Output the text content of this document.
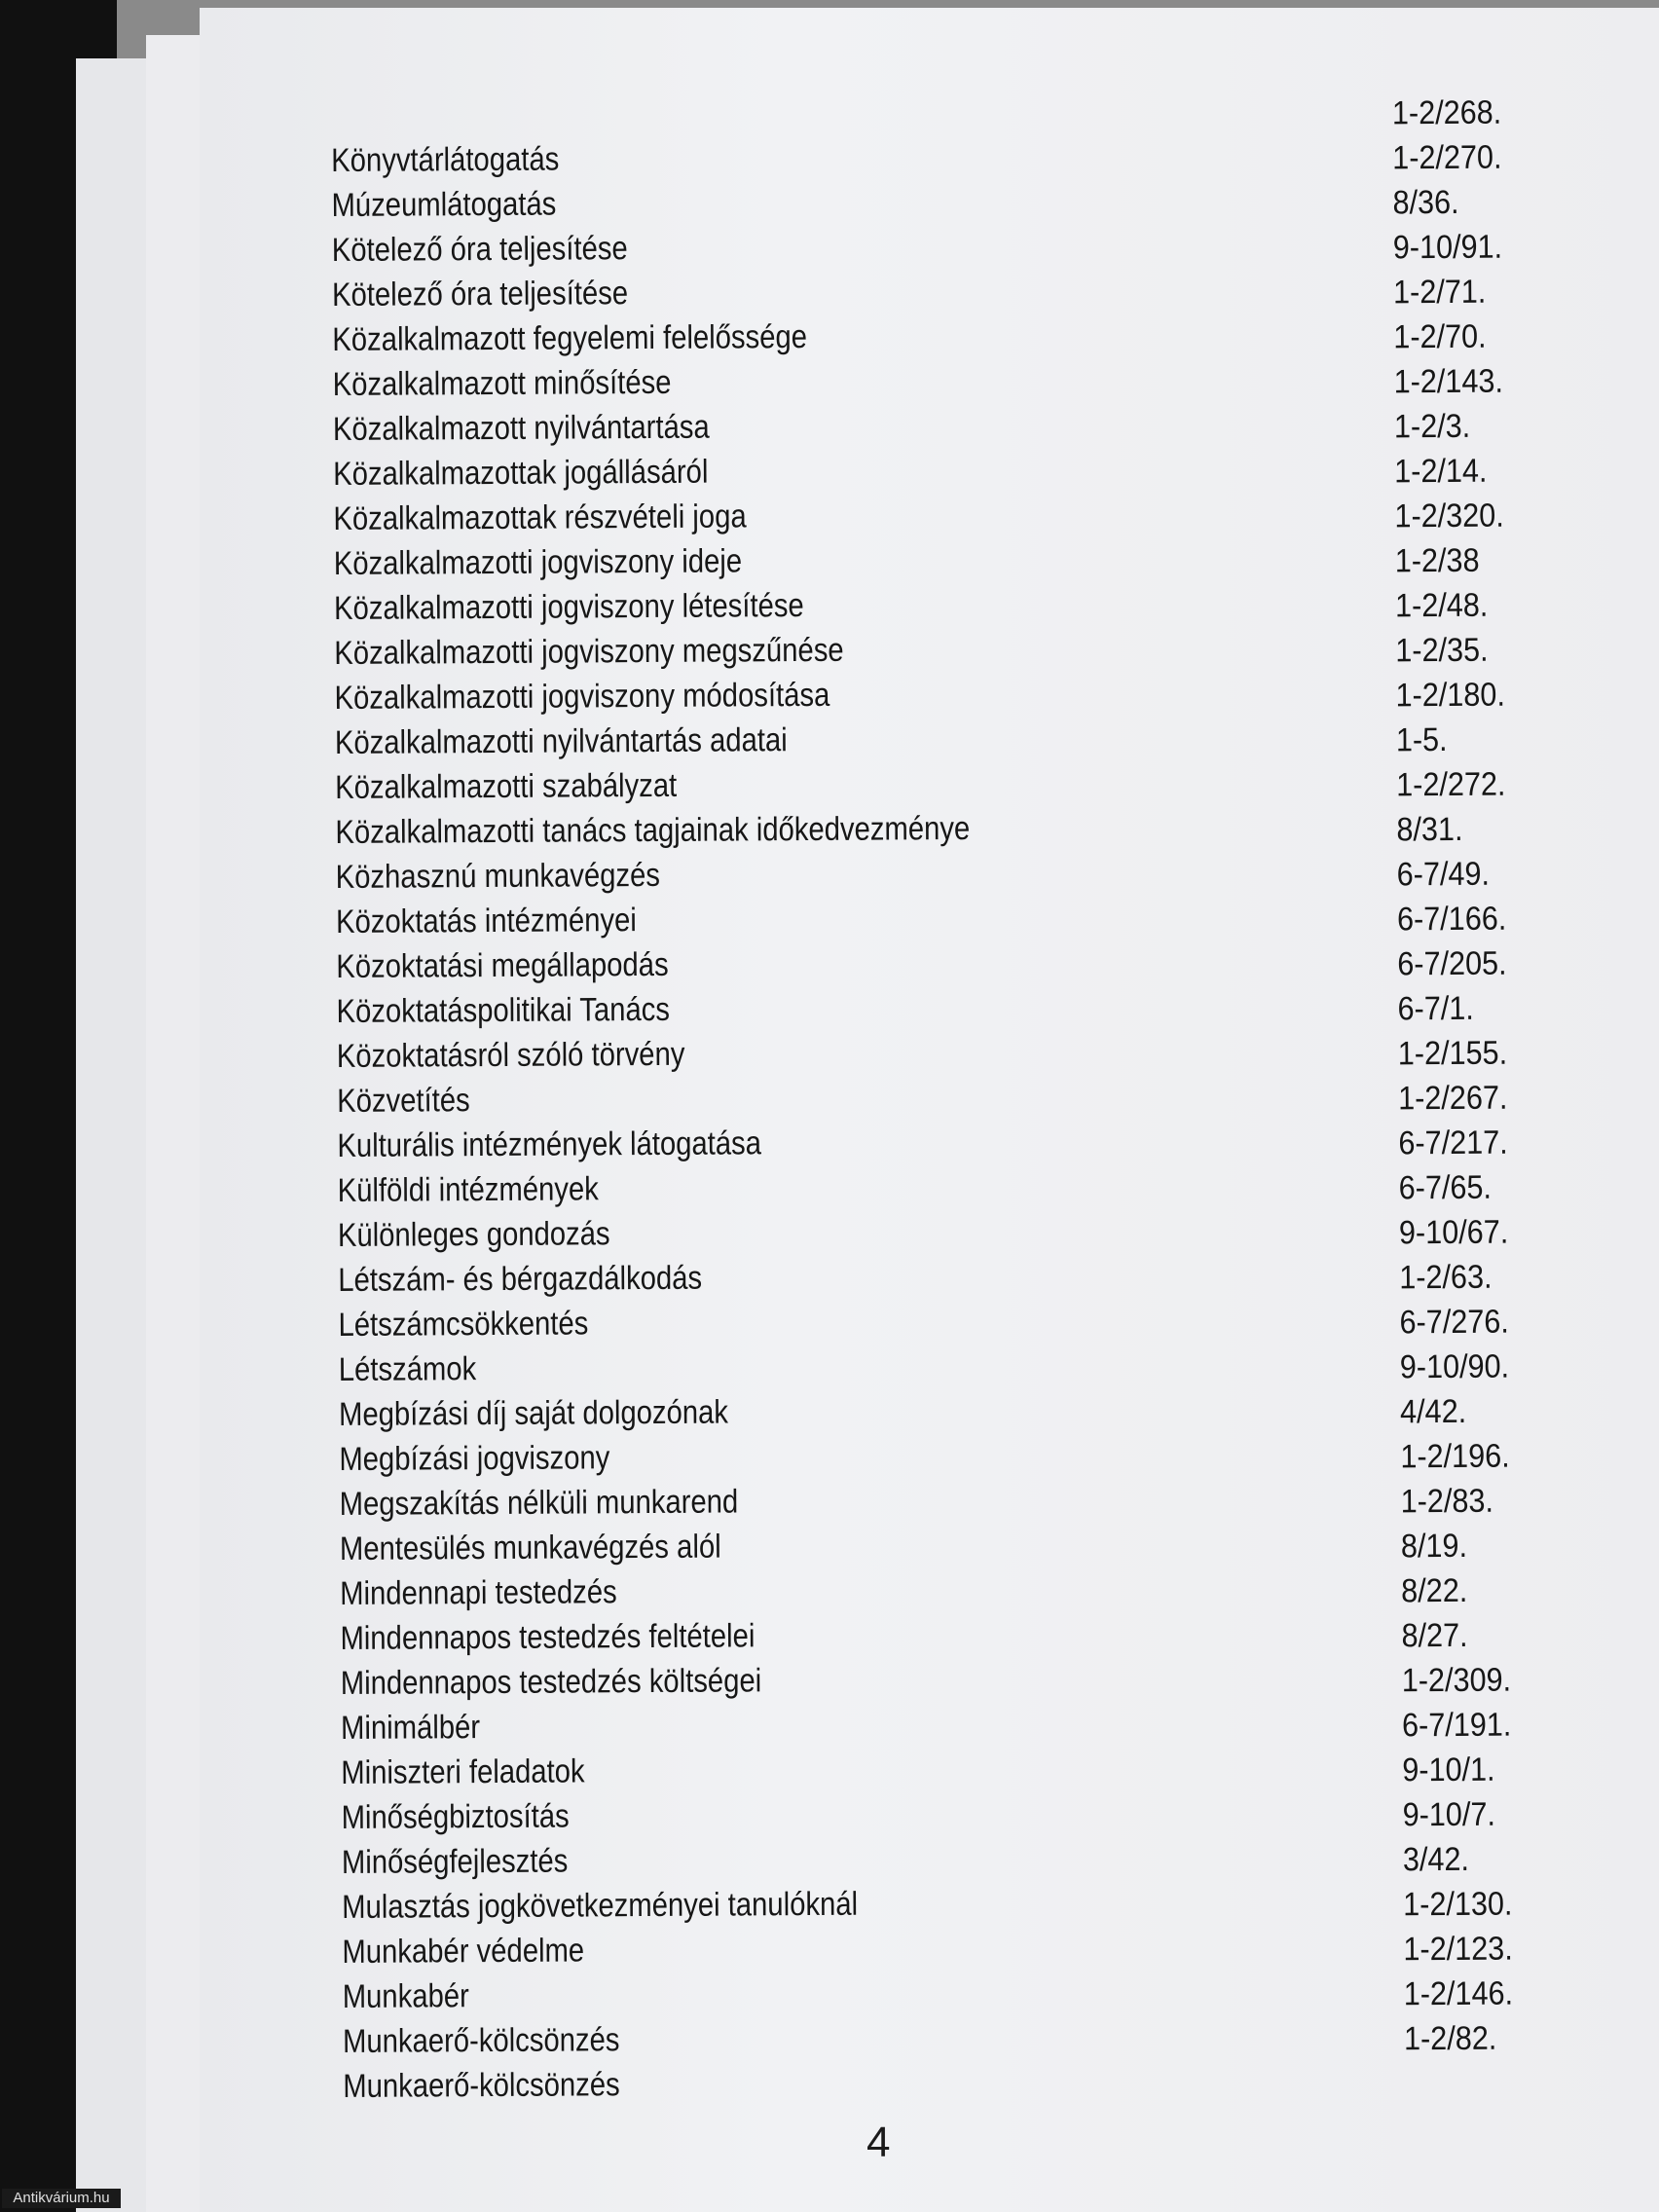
Könyvtárlátogatás
1-2/268.
Múzeumlátogatás
1-2/270.
Kötelező óra teljesítése
8/36.
Kötelező óra teljesítése
9-10/91.
Közalkalmazott fegyelemi felelőssége
1-2/71.
Közalkalmazott minősítése
1-2/70.
Közalkalmazott nyilvántartása
1-2/143.
Közalkalmazottak jogállásáról
1-2/3.
Közalkalmazottak részvételi joga
1-2/14.
Közalkalmazotti jogviszony ideje
1-2/320.
Közalkalmazotti jogviszony létesítése
1-2/38
Közalkalmazotti jogviszony megszűnése
1-2/48.
Közalkalmazotti jogviszony módosítása
1-2/35.
Közalkalmazotti nyilvántartás adatai
1-2/180.
Közalkalmazotti szabályzat
1-5.
Közalkalmazotti tanács tagjainak időkedvezménye
1-2/272.
Közhasznú munkavégzés
8/31.
Közoktatás intézményei
6-7/49.
Közoktatási megállapodás
6-7/166.
Közoktatáspolitikai Tanács
6-7/205.
Közoktatásról szóló törvény
6-7/1.
Közvetítés
1-2/155.
Kulturális intézmények látogatása
1-2/267.
Külföldi intézmények
6-7/217.
Különleges gondozás
6-7/65.
Létszám- és bérgazdálkodás
9-10/67.
Létszámcsökkentés
1-2/63.
Létszámok
6-7/276.
Megbízási díj saját dolgozónak
9-10/90.
Megbízási jogviszony
4/42.
Megszakítás nélküli munkarend
1-2/196.
Mentesülés munkavégzés alól
1-2/83.
Mindennapi testedzés
8/19.
Mindennapos testedzés feltételei
8/22.
Mindennapos testedzés költségei
8/27.
Minimálbér
1-2/309.
Miniszteri feladatok
6-7/191.
Minőségbiztosítás
9-10/1.
Minőségfejlesztés
9-10/7.
Mulasztás jogkövetkezményei tanulóknál
3/42.
Munkabér védelme
1-2/130.
Munkabér
1-2/123.
Munkaerő-kölcsönzés
1-2/146.
Munkaerő-kölcsönzés
1-2/82.
4
Antikvárium.hu
